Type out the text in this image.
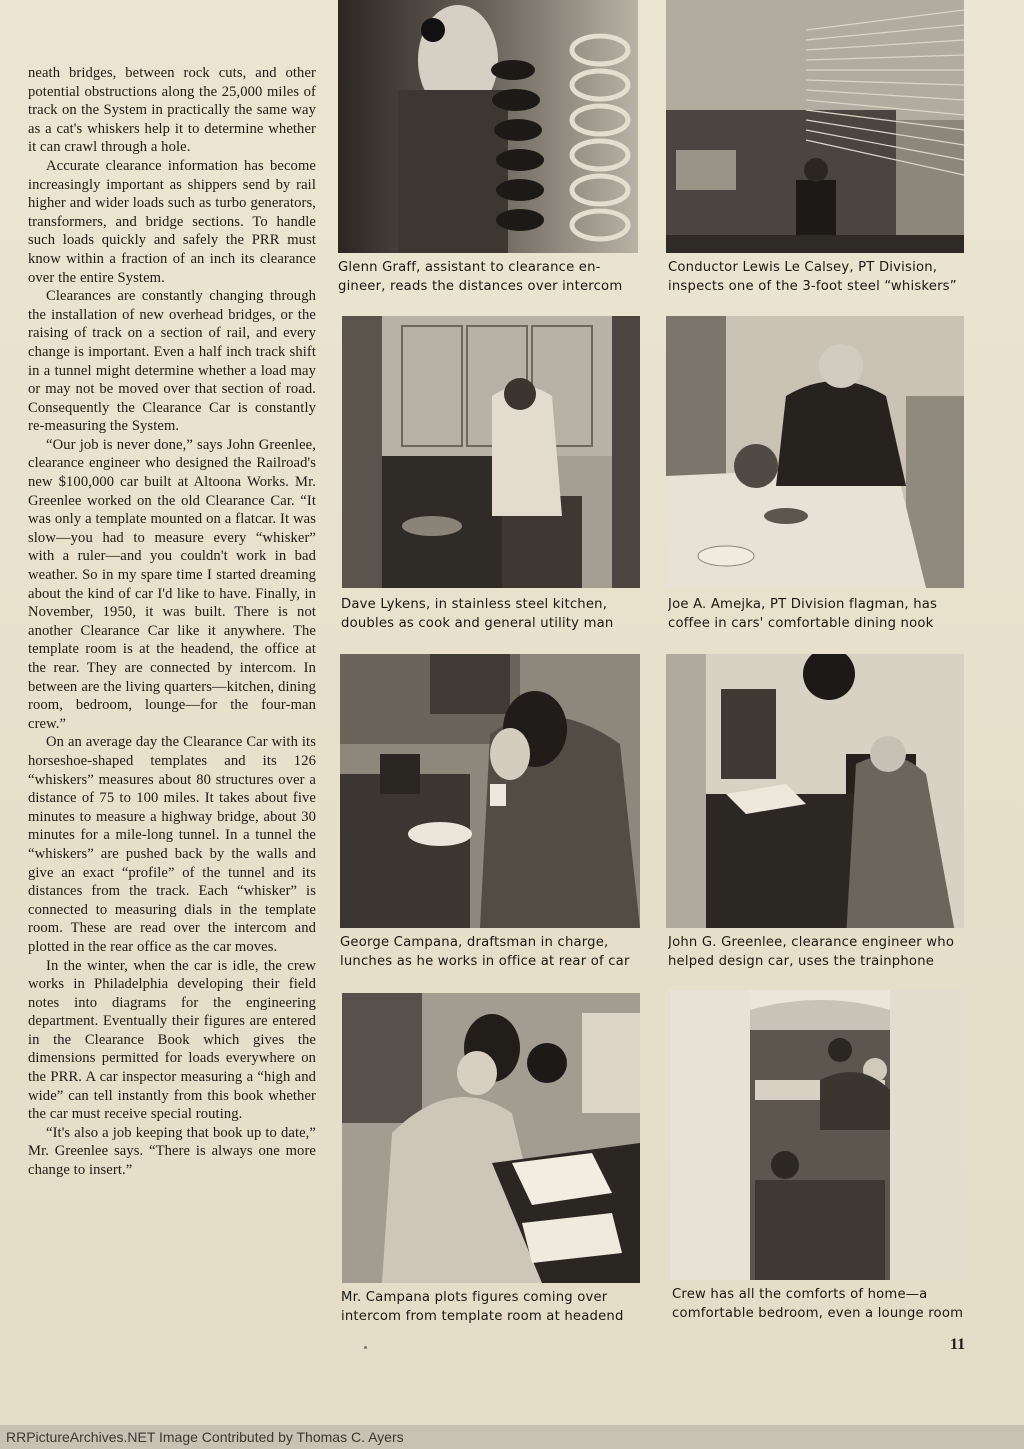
neath bridges, between rock cuts, and other potential obstructions along the 25,000 miles of track on the System in practically the same way as a cat's whiskers help it to determine whether it can crawl through a hole.

Accurate clearance information has become increasingly important as shippers send by rail higher and wider loads such as turbo generators, transformers, and bridge sections. To handle such loads quickly and safely the PRR must know within a fraction of an inch its clearance over the entire System.

Clearances are constantly changing through the installation of new overhead bridges, or the raising of track on a section of rail, and every change is important. Even a half inch track shift in a tunnel might determine whether a load may or may not be moved over that section of road. Consequently the Clearance Car is constantly re-measuring the System.

“Our job is never done,” says John Greenlee, clearance engineer who designed the Railroad's new $100,000 car built at Altoona Works. Mr. Greenlee worked on the old Clearance Car. “It was only a template mounted on a flatcar. It was slow—you had to measure every “whisker” with a ruler—and you couldn't work in bad weather. So in my spare time I started dreaming about the kind of car I'd like to have. Finally, in November, 1950, it was built. There is not another Clearance Car like it anywhere. The template room is at the headend, the office at the rear. They are connected by intercom. In between are the living quarters—kitchen, dining room, bedroom, lounge—for the four-man crew.”

On an average day the Clearance Car with its horseshoe-shaped templates and its 126 “whiskers” measures about 80 structures over a distance of 75 to 100 miles. It takes about five minutes to measure a highway bridge, about 30 minutes for a mile-long tunnel. In a tunnel the “whiskers” are pushed back by the walls and give an exact “profile” of the tunnel and its distances from the track. Each “whisker” is connected to measuring dials in the template room. These are read over the intercom and plotted in the rear office as the car moves.

In the winter, when the car is idle, the crew works in Philadelphia developing their field notes into diagrams for the engineering department. Eventually their figures are entered in the Clearance Book which gives the dimensions permitted for loads everywhere on the PRR. A car inspector measuring a “high and wide” can tell instantly from this book whether the car must receive special routing.

“It's also a job keeping that book up to date,” Mr. Greenlee says. “There is always one more change to insert.”

Glenn Graff, assistant to clearance en-
gineer, reads the distances over intercom
Conductor Lewis Le Calsey, PT Division,
inspects one of the 3-foot steel “whiskers”
Dave Lykens, in stainless steel kitchen,
doubles as cook and general utility man
Joe A. Amejka, PT Division flagman, has
coffee in cars' comfortable dining nook
George Campana, draftsman in charge,
lunches as he works in office at rear of car
John G. Greenlee, clearance engineer who
helped design car, uses the trainphone
Mr. Campana plots figures coming over
intercom from template room at headend
Crew has all the comforts of home—a
comfortable bedroom, even a lounge room
11
RRPictureArchives.NET Image Contributed by Thomas C. Ayers
